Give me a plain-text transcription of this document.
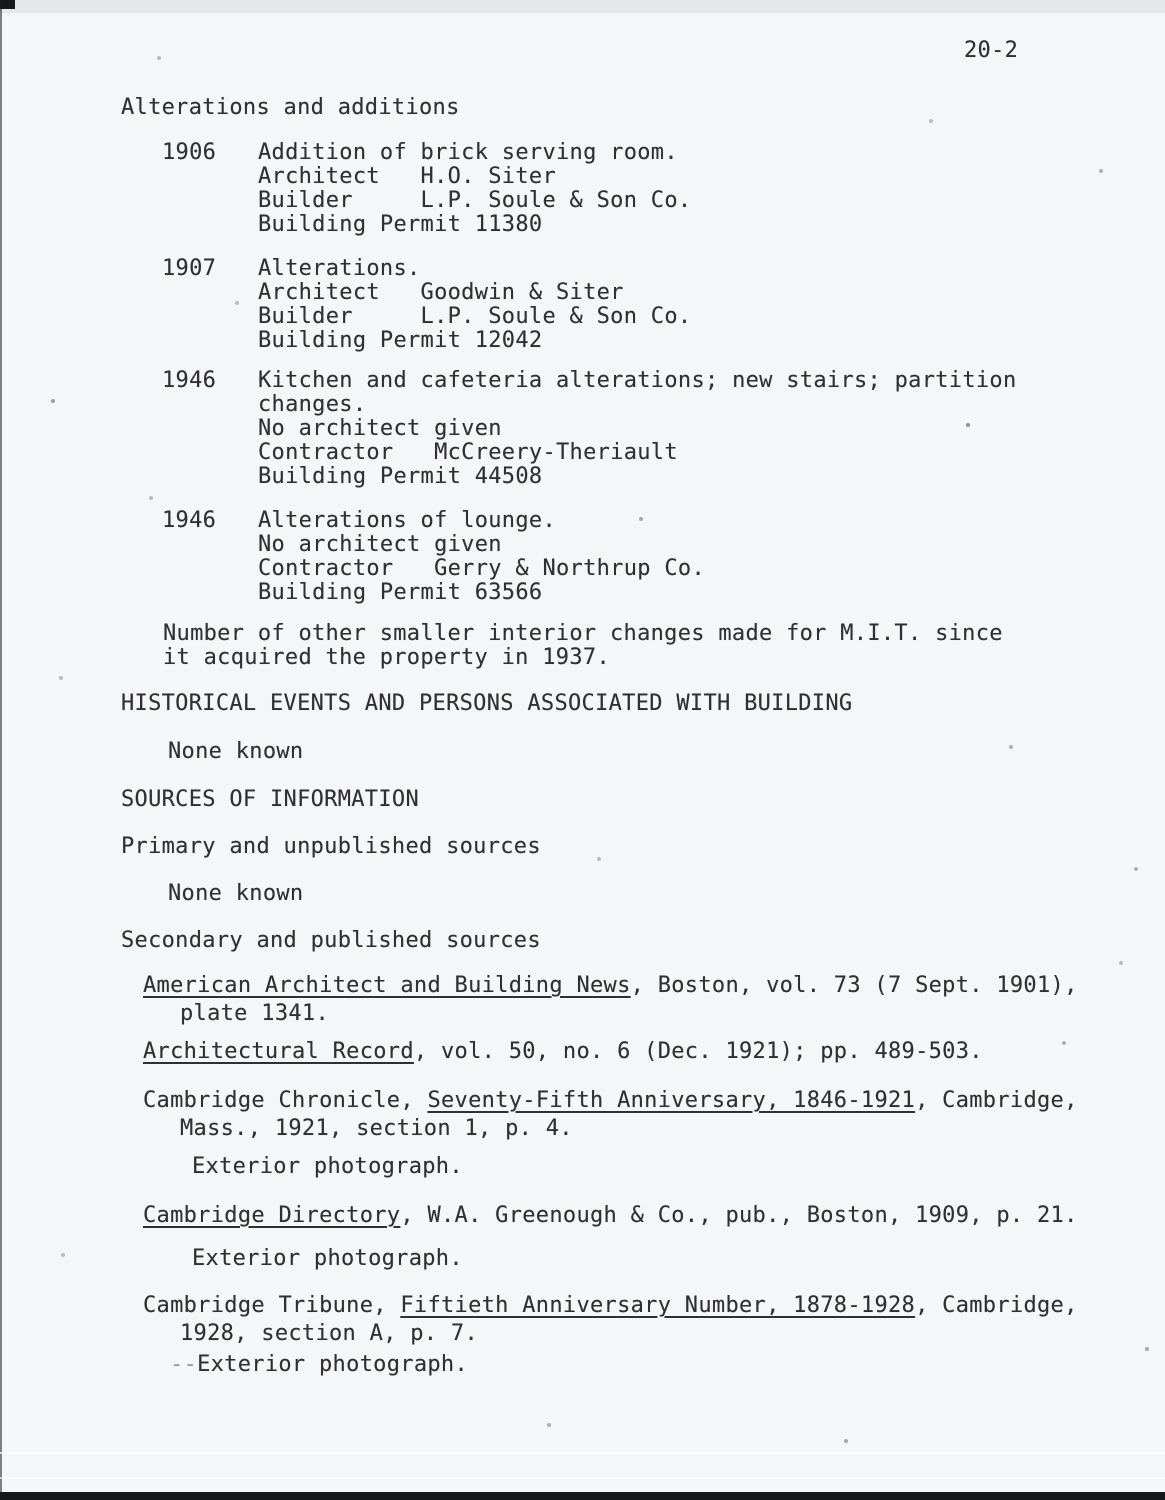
20-2
Alterations and additions
1906	Addition of brick serving room.
Architect   H.O. Siter
Builder     L.P. Soule & Son Co.
Building Permit 11380
1907	Alterations.
Architect   Goodwin & Siter
Builder     L.P. Soule & Son Co.
Building Permit 12042
1946	Kitchen and cafeteria alterations; new stairs; partition
changes.
No architect given
Contractor   McCreery-Theriault
Building Permit 44508
1946	Alterations of lounge.
No architect given
Contractor   Gerry & Northrup Co.
Building Permit 63566
Number of other smaller interior changes made for M.I.T. since
it acquired the property in 1937.
HISTORICAL EVENTS AND PERSONS ASSOCIATED WITH BUILDING
None known
SOURCES OF INFORMATION
Primary and unpublished sources
None known
Secondary and published sources
American Architect and Building News, Boston, vol. 73 (7 Sept. 1901),
plate 1341.
Architectural Record, vol. 50, no. 6 (Dec. 1921); pp. 489-503.
Cambridge Chronicle, Seventy-Fifth Anniversary, 1846-1921, Cambridge,
Mass., 1921, section 1, p. 4.
Exterior photograph.
Cambridge Directory, W.A. Greenough & Co., pub., Boston, 1909, p. 21.
Exterior photograph.
Cambridge Tribune, Fiftieth Anniversary Number, 1878-1928, Cambridge,
1928, section A, p. 7.
--Exterior photograph.
